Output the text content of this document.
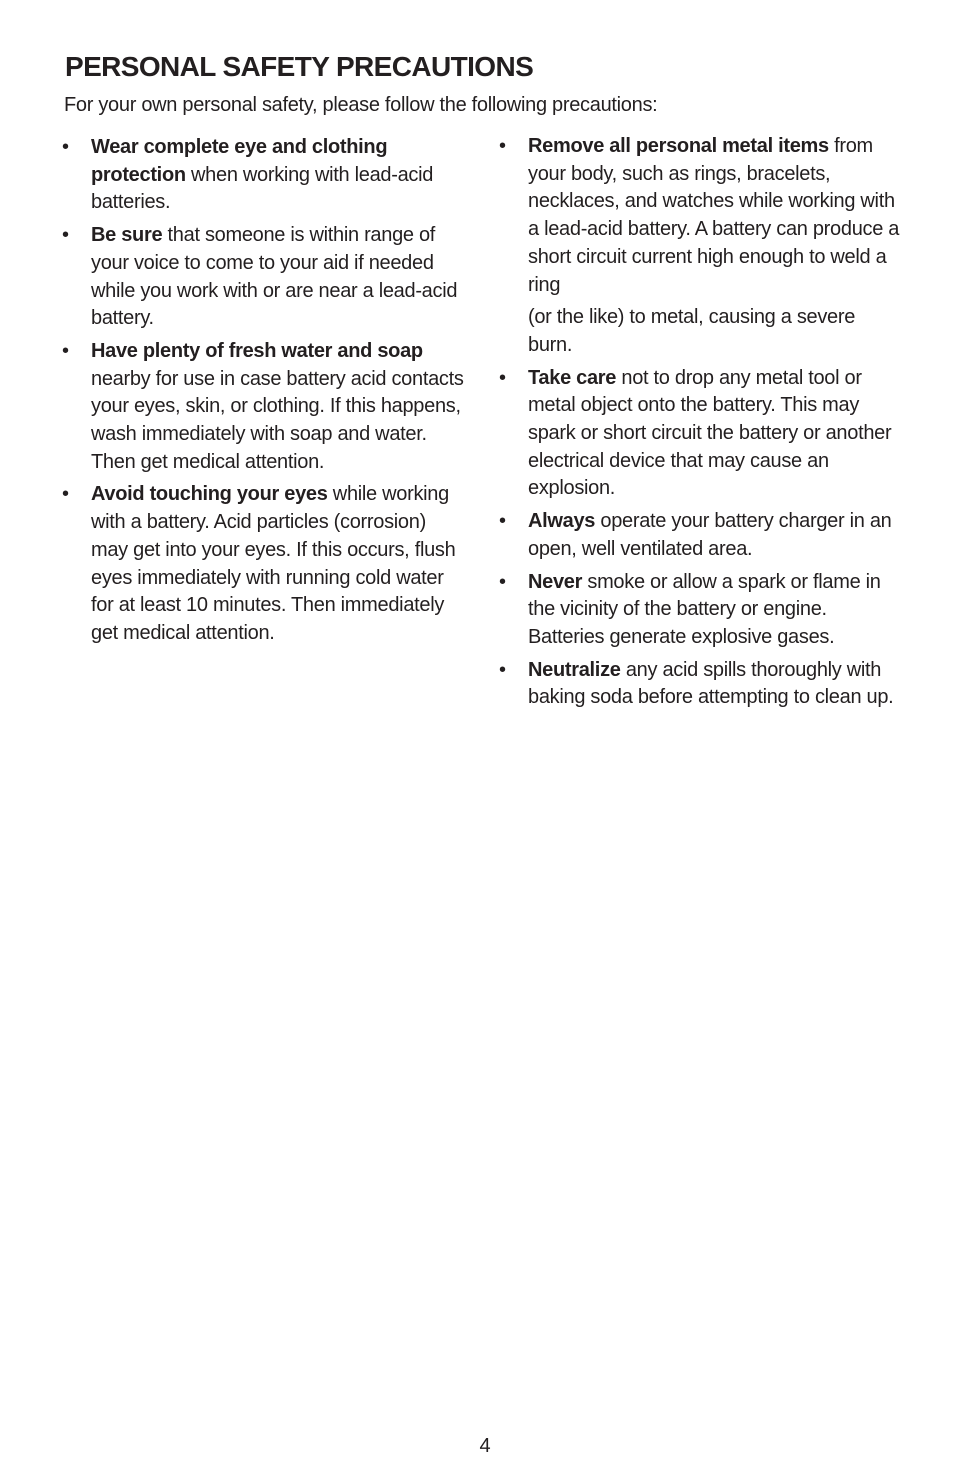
PERSONAL SAFETY PRECAUTIONS

For your own personal safety, please follow the following precautions:

• Wear complete eye and clothing protection when working with lead-acid batteries.

• Be sure that someone is within range of your voice to come to your aid if needed while you work with or are near a lead-acid battery.

• Have plenty of fresh water and soap nearby for use in case battery acid contacts your eyes, skin, or clothing. If this happens, wash immediately with soap and water. Then get medical attention.

• Avoid touching your eyes while working with a battery. Acid particles (corrosion) may get into your eyes. If this occurs, flush eyes immediately with running cold water for at least 10 minutes. Then immediately get medical attention.

• Remove all personal metal items from your body, such as rings, bracelets, necklaces, and watches while working with a lead-acid battery. A battery can produce a short circuit current high enough to weld a ring

(or the like) to metal, causing a severe burn.

• Take care not to drop any metal tool or metal object onto the battery. This may spark or short circuit the battery or another electrical device that may cause an explosion.

• Always operate your battery charger in an open, well ventilated area.

• Never smoke or allow a spark or flame in the vicinity of the battery or engine. Batteries generate explosive gases.

• Neutralize any acid spills thoroughly with baking soda before attempting to clean up.

4
